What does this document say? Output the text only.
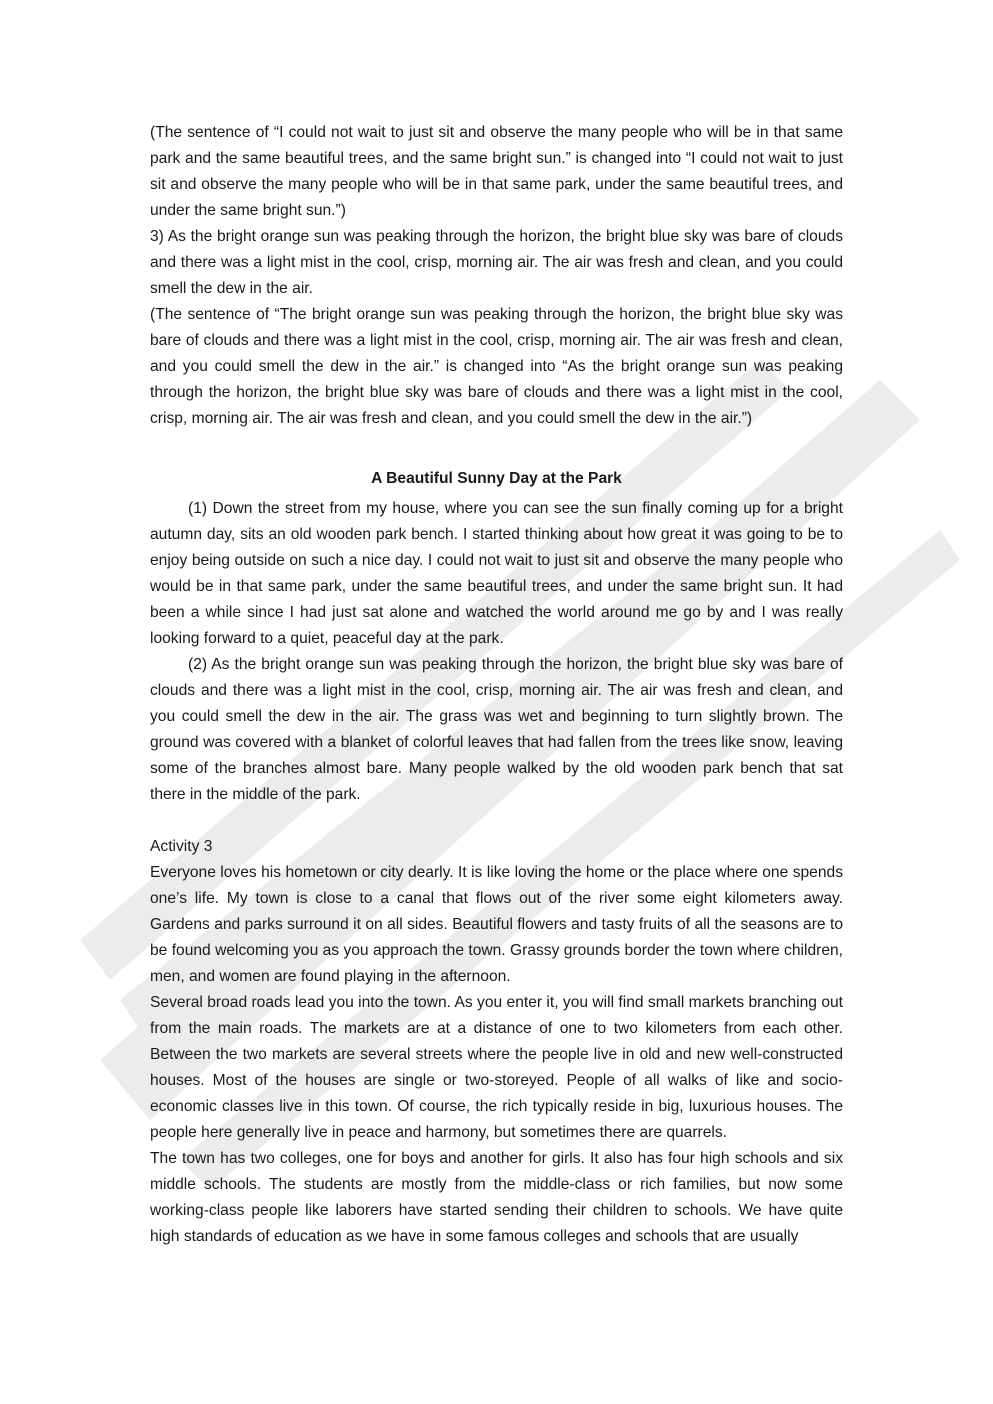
(The sentence of “I could not wait to just sit and observe the many people who will be in that same park and the same beautiful trees, and the same bright sun.” is changed into “I could not wait to just sit and observe the many people who will be in that same park, under the same beautiful trees, and under the same bright sun.”)

3) As the bright orange sun was peaking through the horizon, the bright blue sky was bare of clouds and there was a light mist in the cool, crisp, morning air. The air was fresh and clean, and you could smell the dew in the air.

(The sentence of “The bright orange sun was peaking through the horizon, the bright blue sky was bare of clouds and there was a light mist in the cool, crisp, morning air. The air was fresh and clean, and you could smell the dew in the air.” is changed into “As the bright orange sun was peaking through the horizon, the bright blue sky was bare of clouds and there was a light mist in the cool, crisp, morning air. The air was fresh and clean, and you could smell the dew in the air.”)

A Beautiful Sunny Day at the Park

(1) Down the street from my house, where you can see the sun finally coming up for a bright autumn day, sits an old wooden park bench. I started thinking about how great it was going to be to enjoy being outside on such a nice day. I could not wait to just sit and observe the many people who would be in that same park, under the same beautiful trees, and under the same bright sun. It had been a while since I had just sat alone and watched the world around me go by and I was really looking forward to a quiet, peaceful day at the park.

(2) As the bright orange sun was peaking through the horizon, the bright blue sky was bare of clouds and there was a light mist in the cool, crisp, morning air. The air was fresh and clean, and you could smell the dew in the air. The grass was wet and beginning to turn slightly brown. The ground was covered with a blanket of colorful leaves that had fallen from the trees like snow, leaving some of the branches almost bare. Many people walked by the old wooden park bench that sat there in the middle of the park.

Activity 3

Everyone loves his hometown or city dearly. It is like loving the home or the place where one spends one’s life. My town is close to a canal that flows out of the river some eight kilometers away. Gardens and parks surround it on all sides. Beautiful flowers and tasty fruits of all the seasons are to be found welcoming you as you approach the town. Grassy grounds border the town where children, men, and women are found playing in the afternoon.

Several broad roads lead you into the town. As you enter it, you will find small markets branching out from the main roads. The markets are at a distance of one to two kilometers from each other. Between the two markets are several streets where the people live in old and new well-constructed houses. Most of the houses are single or two-storeyed. People of all walks of like and socio-economic classes live in this town. Of course, the rich typically reside in big, luxurious houses. The people here generally live in peace and harmony, but sometimes there are quarrels.

The town has two colleges, one for boys and another for girls. It also has four high schools and six middle schools. The students are mostly from the middle-class or rich families, but now some working-class people like laborers have started sending their children to schools. We have quite high standards of education as we have in some famous colleges and schools that are usually
